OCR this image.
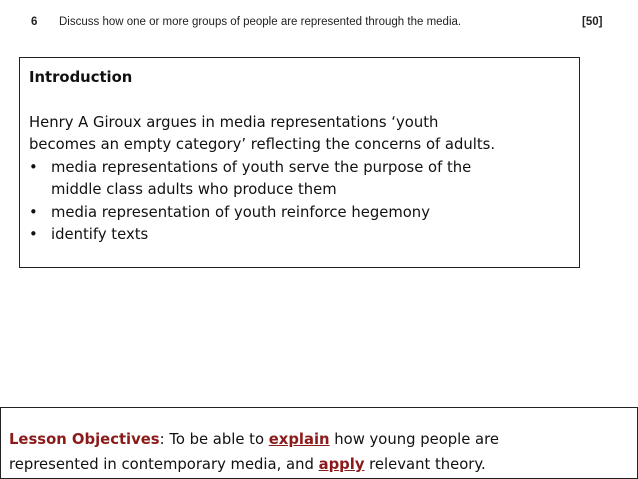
6 Discuss how one or more groups of people are represented through the media.	[50]

Introduction

Henry A Giroux argues in media representations ‘youth
becomes an empty category’ reflecting the concerns of adults.

• media representations of youth serve the purpose of the
middle class adults who produce them
• media representation of youth reinforce hegemony
• identify texts
Lesson Objectives: To be able to explain how young people are
represented in contemporary media, and apply relevant theory.
